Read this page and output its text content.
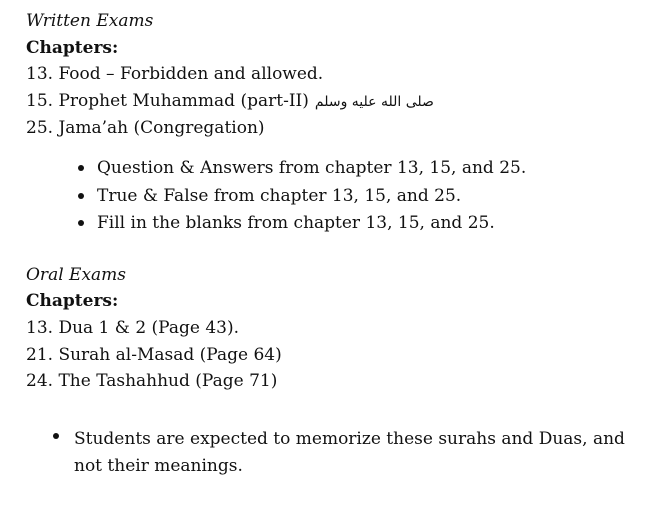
Written Exams
Chapters:
13. Food – Forbidden and allowed.
15. Prophet Muhammad (part-II) صلى الله عليه وسلم
25. Jama’ah (Congregation)
Question & Answers from chapter 13, 15, and 25.
True & False from chapter 13, 15, and 25.
Fill in the blanks from chapter 13, 15, and 25.
Oral Exams
Chapters:
13. Dua 1 & 2 (Page 43).
21. Surah al-Masad (Page 64)
24. The Tashahhud (Page 71)
Students are expected to memorize these surahs and Duas, and not their meanings.
